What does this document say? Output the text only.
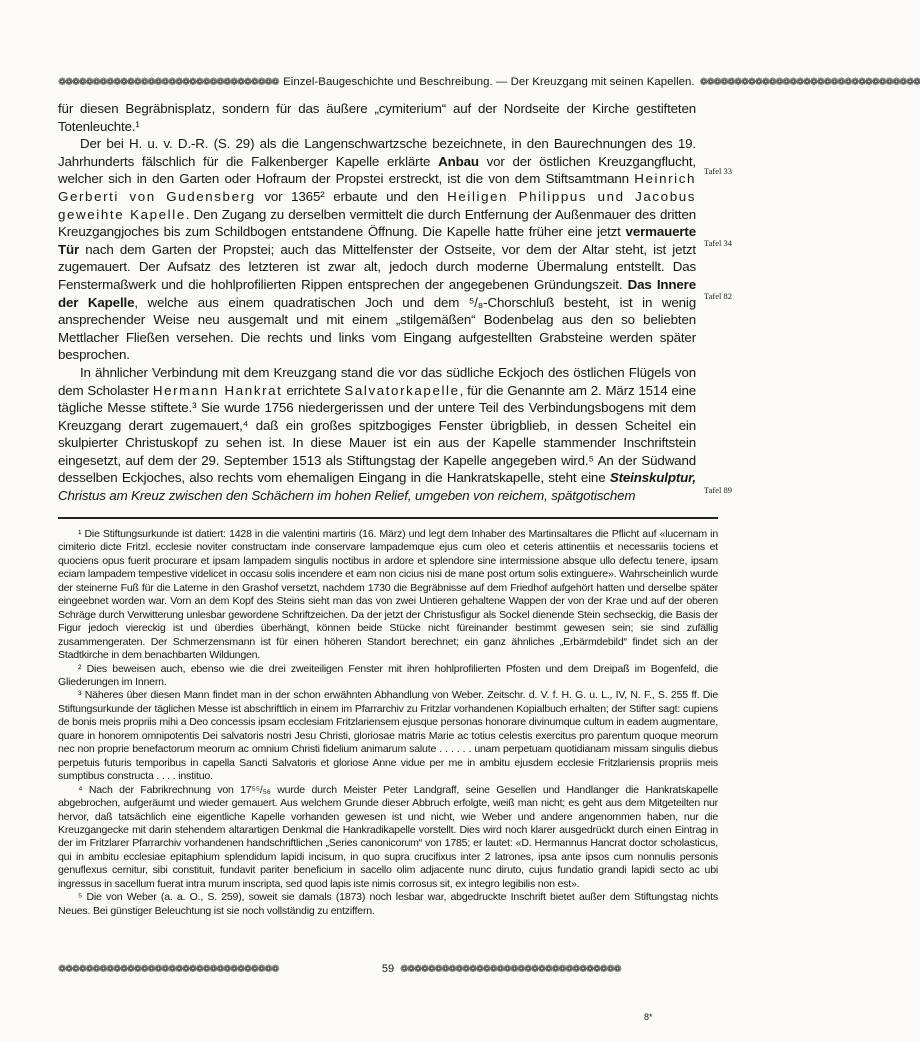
❁❁❁❁❁❁❁❁❁❁❁❁❁❁❁❁❁❁❁❁❁❁❁❁❁❁❁❁❁❁❁❁ Einzel-Baugeschichte und Beschreibung. — Der Kreuzgang mit seinen Kapellen. ❁❁❁❁❁❁❁❁❁❁❁❁❁❁❁❁❁❁❁❁❁❁❁❁❁❁❁❁❁❁❁❁

für diesen Begräbnisplatz, sondern für das äußere „cymiterium“ auf der Nordseite der Kirche gestifteten Totenleuchte.¹

Der bei H. u. v. D.-R. (S. 29) als die Langenschwartzsche bezeichnete, in den Baurechnungen des 19. Jahrhunderts fälschlich für die Falkenberger Kapelle erklärte Anbau vor der östlichen Kreuzgangflucht, welcher sich in den Garten oder Hofraum der Propstei erstreckt, ist die von dem Stiftsamtmann Heinrich Gerberti von Gudensberg vor 1365² erbaute und den Heiligen Philippus und Jacobus geweihte Kapelle. Den Zugang zu derselben vermittelt die durch Entfernung der Außenmauer des dritten Kreuzgangjoches bis zum Schildbogen entstandene Öffnung. Die Kapelle hatte früher eine jetzt vermauerte Tür nach dem Garten der Propstei; auch das Mittelfenster der Ostseite, vor dem der Altar steht, ist jetzt zugemauert. Der Aufsatz des letzteren ist zwar alt, jedoch durch moderne Übermalung entstellt. Das Fenstermaßwerk und die hohlprofilierten Rippen entsprechen der angegebenen Gründungszeit. Das Innere der Kapelle, welche aus einem quadratischen Joch und dem ⁵/₈-Chorschluß besteht, ist in wenig ansprechender Weise neu ausgemalt und mit einem „stilgemäßen“ Bodenbelag aus den so beliebten Mettlacher Fließen versehen. Die rechts und links vom Eingang aufgestellten Grabsteine werden später besprochen.

In ähnlicher Verbindung mit dem Kreuzgang stand die vor das südliche Eckjoch des östlichen Flügels von dem Scholaster Hermann Hankrat errichtete Salvatorkapelle, für die Genannte am 2. März 1514 eine tägliche Messe stiftete.³ Sie wurde 1756 niedergerissen und der untere Teil des Verbindungsbogens mit dem Kreuzgang derart zugemauert,⁴ daß ein großes spitzbogiges Fenster übrigblieb, in dessen Scheitel ein skulpierter Christuskopf zu sehen ist. In diese Mauer ist ein aus der Kapelle stammender Inschriftstein eingesetzt, auf dem der 29. September 1513 als Stiftungstag der Kapelle angegeben wird.⁵ An der Südwand desselben Eckjoches, also rechts vom ehemaligen Eingang in die Hankratskapelle, steht eine Steinskulptur, Christus am Kreuz zwischen den Schächern im hohen Relief, umgeben von reichem, spätgotischem

Tafel 33
Tafel 34
Tafel 82
Tafel 89

¹ Die Stiftungsurkunde ist datiert: 1428 in die valentini martiris (16. März) und legt dem Inhaber des Martinsaltares die Pflicht auf «lucernam in cimiterio dicte Fritzl. ecclesie noviter constructam inde conservare lampademque ejus cum oleo et ceteris attinentiis et necessariis tociens et quociens opus fuerit procurare et ipsam lampadem singulis noctibus in ardore et splendore sine intermissione absque ullo defectu tenere, ipsam eciam lampadem tempestive videlicet in occasu solis incendere et eam non cicius nisi de mane post ortum solis extinguere». Wahrscheinlich wurde der steinerne Fuß für die Laterne in den Grashof versetzt, nachdem 1730 die Begräbnisse auf dem Friedhof aufgehört hatten und derselbe später eingeebnet worden war. Vorn an dem Kopf des Steins sieht man das von zwei Untieren gehaltene Wappen der von der Krae und auf der oberen Schräge durch Verwitterung unlesbar gewordene Schriftzeichen. Da der jetzt der Christusfigur als Sockel dienende Stein sechseckig, die Basis der Figur jedoch viereckig ist und überdies überhängt, können beide Stücke nicht füreinander bestimmt gewesen sein; sie sind zufällig zusammengeraten. Der Schmerzensmann ist für einen höheren Standort berechnet; ein ganz ähnliches „Erbärmdebild“ findet sich an der Stadtkirche in dem benachbarten Wildungen.

² Dies beweisen auch, ebenso wie die drei zweiteiligen Fenster mit ihren hohlprofilierten Pfosten und dem Dreipaß im Bogenfeld, die Gliederungen im Innern.

³ Näheres über diesen Mann findet man in der schon erwähnten Abhandlung von Weber. Zeitschr. d. V. f. H. G. u. L., IV, N. F., S. 255 ff. Die Stiftungsurkunde der täglichen Messe ist abschriftlich in einem im Pfarrarchiv zu Fritzlar vorhandenen Kopialbuch erhalten; der Stifter sagt: cupiens de bonis meis propriis mihi a Deo concessis ipsam ecclesiam Fritzlariensem ejusque personas honorare divinumque cultum in eadem augmentare, quare in honorem omnipotentis Dei salvatoris nostri Jesu Christi, gloriosae matris Marie ac totius celestis exercitus pro parentum quoque meorum nec non proprie benefactorum meorum ac omnium Christi fidelium animarum salute . . . . . . unam perpetuam quotidianam missam singulis diebus perpetuis futuris temporibus in capella Sancti Salvatoris et gloriose Anne vidue per me in ambitu ejusdem ecclesie Fritzlariensis propriis meis sumptibus constructa . . . . instituo.

⁴ Nach der Fabrikrechnung von 17⁵⁵/₅₆ wurde durch Meister Peter Landgraff, seine Gesellen und Handlanger die Hankratskapelle abgebrochen, aufgeräumt und wieder gemauert. Aus welchem Grunde dieser Abbruch erfolgte, weiß man nicht; es geht aus dem Mitgeteilten nur hervor, daß tatsächlich eine eigentliche Kapelle vorhanden gewesen ist und nicht, wie Weber und andere angenommen haben, nur die Kreuzgangecke mit darin stehendem altarartigen Denkmal die Hankradikapelle vorstellt. Dies wird noch klarer ausgedrückt durch einen Eintrag in der im Fritzlarer Pfarrarchiv vorhandenen handschriftlichen „Series canonicorum“ von 1785; er lautet: «D. Hermannus Hancrat doctor scholasticus, qui in ambitu ecclesiae epitaphium splendidum lapidi incisum, in quo supra crucifixus inter 2 latrones, ipsa ante ipsos cum nonnulis personis genuflexus cernitur, sibi constituit, fundavit pariter beneficium in sacello olim adjacente nunc diruto, cujus fundatio grandi lapidi secto ac ubi ingressus in sacellum fuerat intra murum inscripta, sed quod lapis iste nimis corrosus sit, ex integro legibilis non est».

⁵ Die von Weber (a. a. O., S. 259), soweit sie damals (1873) noch lesbar war, abgedruckte Inschrift bietet außer dem Stiftungstag nichts Neues. Bei günstiger Beleuchtung ist sie noch vollständig zu entziffern.

❁❁❁❁❁❁❁❁❁❁❁❁❁❁❁❁❁❁❁❁❁❁❁❁❁❁❁❁❁❁❁❁	59 ❁❁❁❁❁❁❁❁❁❁❁❁❁❁❁❁❁❁❁❁❁❁❁❁❁❁❁❁❁❁❁❁
8*
